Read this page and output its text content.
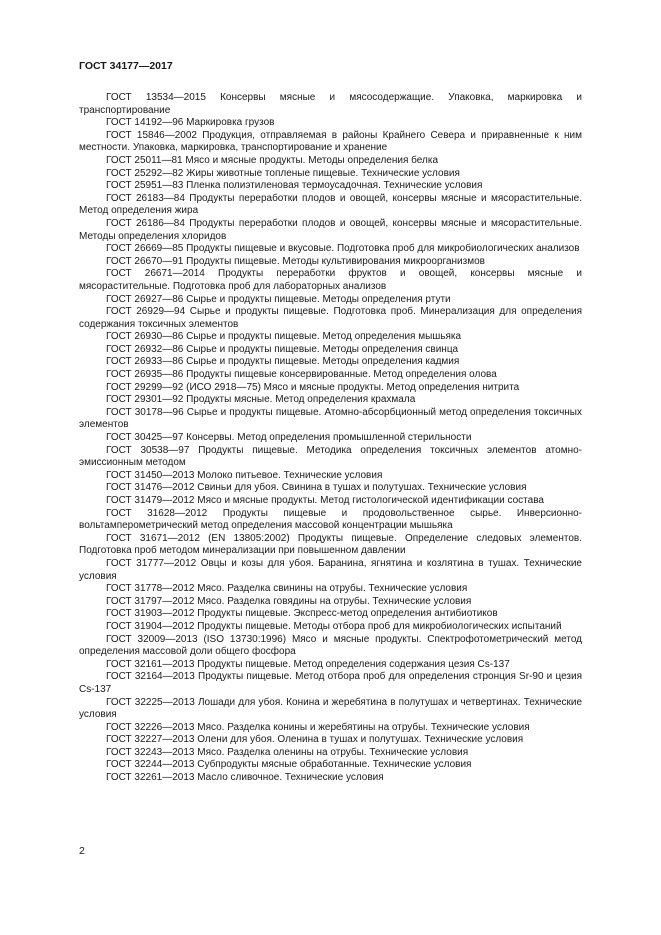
ГОСТ 34177—2017
ГОСТ 13534—2015 Консервы мясные и мясосодержащие. Упаковка, маркировка и транспортирование
ГОСТ 14192—96 Маркировка грузов
ГОСТ 15846—2002 Продукция, отправляемая в районы Крайнего Севера и приравненные к ним местности. Упаковка, маркировка, транспортирование и хранение
ГОСТ 25011—81 Мясо и мясные продукты. Методы определения белка
ГОСТ 25292—82 Жиры животные топленые пищевые. Технические условия
ГОСТ 25951—83 Пленка полиэтиленовая термоусадочная. Технические условия
ГОСТ 26183—84 Продукты переработки плодов и овощей, консервы мясные и мясорастительные. Метод определения жира
ГОСТ 26186—84 Продукты переработки плодов и овощей, консервы мясные и мясорастительные. Методы определения хлоридов
ГОСТ 26669—85 Продукты пищевые и вкусовые. Подготовка проб для микробиологических анализов
ГОСТ 26670—91 Продукты пищевые. Методы культивирования микроорганизмов
ГОСТ 26671—2014 Продукты переработки фруктов и овощей, консервы мясные и мясорастительные. Подготовка проб для лабораторных анализов
ГОСТ 26927—86 Сырье и продукты пищевые. Методы определения ртути
ГОСТ 26929—94 Сырье и продукты пищевые. Подготовка проб. Минерализация для определения содержания токсичных элементов
ГОСТ 26930—86 Сырье и продукты пищевые. Метод определения мышьяка
ГОСТ 26932—86 Сырье и продукты пищевые. Методы определения свинца
ГОСТ 26933—86 Сырье и продукты пищевые. Методы определения кадмия
ГОСТ 26935—86 Продукты пищевые консервированные. Метод определения олова
ГОСТ 29299—92 (ИСО 2918—75) Мясо и мясные продукты. Метод определения нитрита
ГОСТ 29301—92 Продукты мясные. Метод определения крахмала
ГОСТ 30178—96 Сырье и продукты пищевые. Атомно-абсорбционный метод определения токсичных элементов
ГОСТ 30425—97 Консервы. Метод определения промышленной стерильности
ГОСТ 30538—97 Продукты пищевые. Методика определения токсичных элементов атомно-эмиссионным методом
ГОСТ 31450—2013 Молоко питьевое. Технические условия
ГОСТ 31476—2012 Свиньи для убоя. Свинина в тушах и полутушах. Технические условия
ГОСТ 31479—2012 Мясо и мясные продукты. Метод гистологической идентификации состава
ГОСТ 31628—2012 Продукты пищевые и продовольственное сырье. Инверсионно-вольтамперометрический метод определения массовой концентрации мышьяка
ГОСТ 31671—2012 (EN 13805:2002) Продукты пищевые. Определение следовых элементов. Подготовка проб методом минерализации при повышенном давлении
ГОСТ 31777—2012 Овцы и козы для убоя. Баранина, ягнятина и козлятина в тушах. Технические условия
ГОСТ 31778—2012 Мясо. Разделка свинины на отрубы. Технические условия
ГОСТ 31797—2012 Мясо. Разделка говядины на отрубы. Технические условия
ГОСТ 31903—2012 Продукты пищевые. Экспресс-метод определения антибиотиков
ГОСТ 31904—2012 Продукты пищевые. Методы отбора проб для микробиологических испытаний
ГОСТ 32009—2013 (ISO 13730:1996) Мясо и мясные продукты. Спектрофотометрический метод определения массовой доли общего фосфора
ГОСТ 32161—2013 Продукты пищевые. Метод определения содержания цезия Cs-137
ГОСТ 32164—2013 Продукты пищевые. Метод отбора проб для определения стронция Sr-90 и цезия Cs-137
ГОСТ 32225—2013 Лошади для убоя. Конина и жеребятина в полутушах и четвертинах. Технические условия
ГОСТ 32226—2013 Мясо. Разделка конины и жеребятины на отрубы. Технические условия
ГОСТ 32227—2013 Олени для убоя. Оленина в тушах и полутушах. Технические условия
ГОСТ 32243—2013 Мясо. Разделка оленины на отрубы. Технические условия
ГОСТ 32244—2013 Субпродукты мясные обработанные. Технические условия
ГОСТ 32261—2013 Масло сливочное. Технические условия
2
